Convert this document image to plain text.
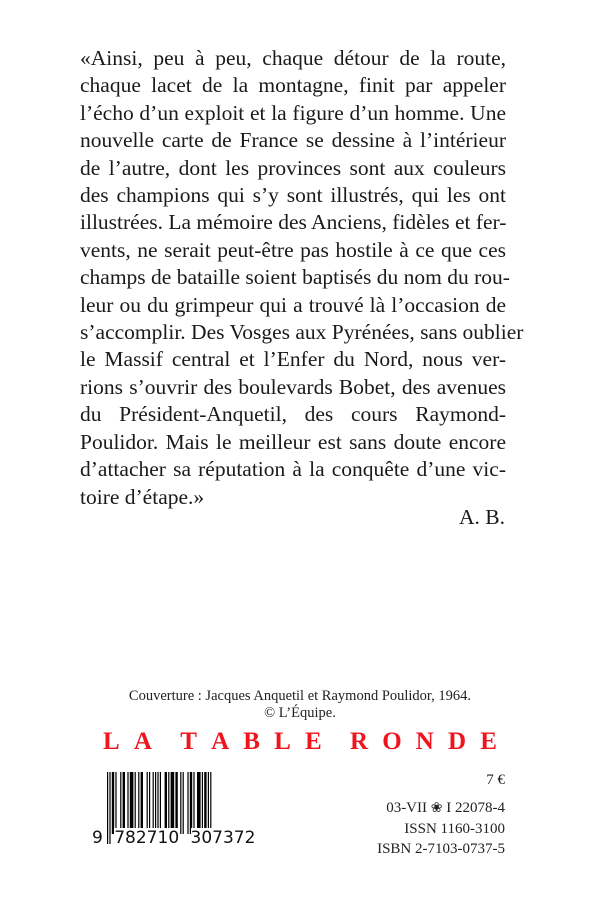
«Ainsi, peu à peu, chaque détour de la route,
chaque lacet de la montagne, finit par appeler
l’écho d’un exploit et la figure d’un homme. Une
nouvelle carte de France se dessine à l’intérieur
de l’autre, dont les provinces sont aux couleurs
des champions qui s’y sont illustrés, qui les ont
illustrées. La mémoire des Anciens, fidèles et fer-
vents, ne serait peut-être pas hostile à ce que ces
champs de bataille soient baptisés du nom du rou-
leur ou du grimpeur qui a trouvé là l’occasion de
s’accomplir. Des Vosges aux Pyrénées, sans oublier
le Massif central et l’Enfer du Nord, nous ver-
rions s’ouvrir des boulevards Bobet, des avenues
du Président-Anquetil, des cours Raymond-
Poulidor. Mais le meilleur est sans doute encore
d’attacher sa réputation à la conquête d’une vic-
toire d’étape.»
A. B.
Couverture : Jacques Anquetil et Raymond Poulidor, 1964.
© L’Équipe.
L A T A B L E R O N D E
9 782710 307372
7 €
03-VII ❀ I 22078-4
ISSN 1160-3100
ISBN 2-7103-0737-5
